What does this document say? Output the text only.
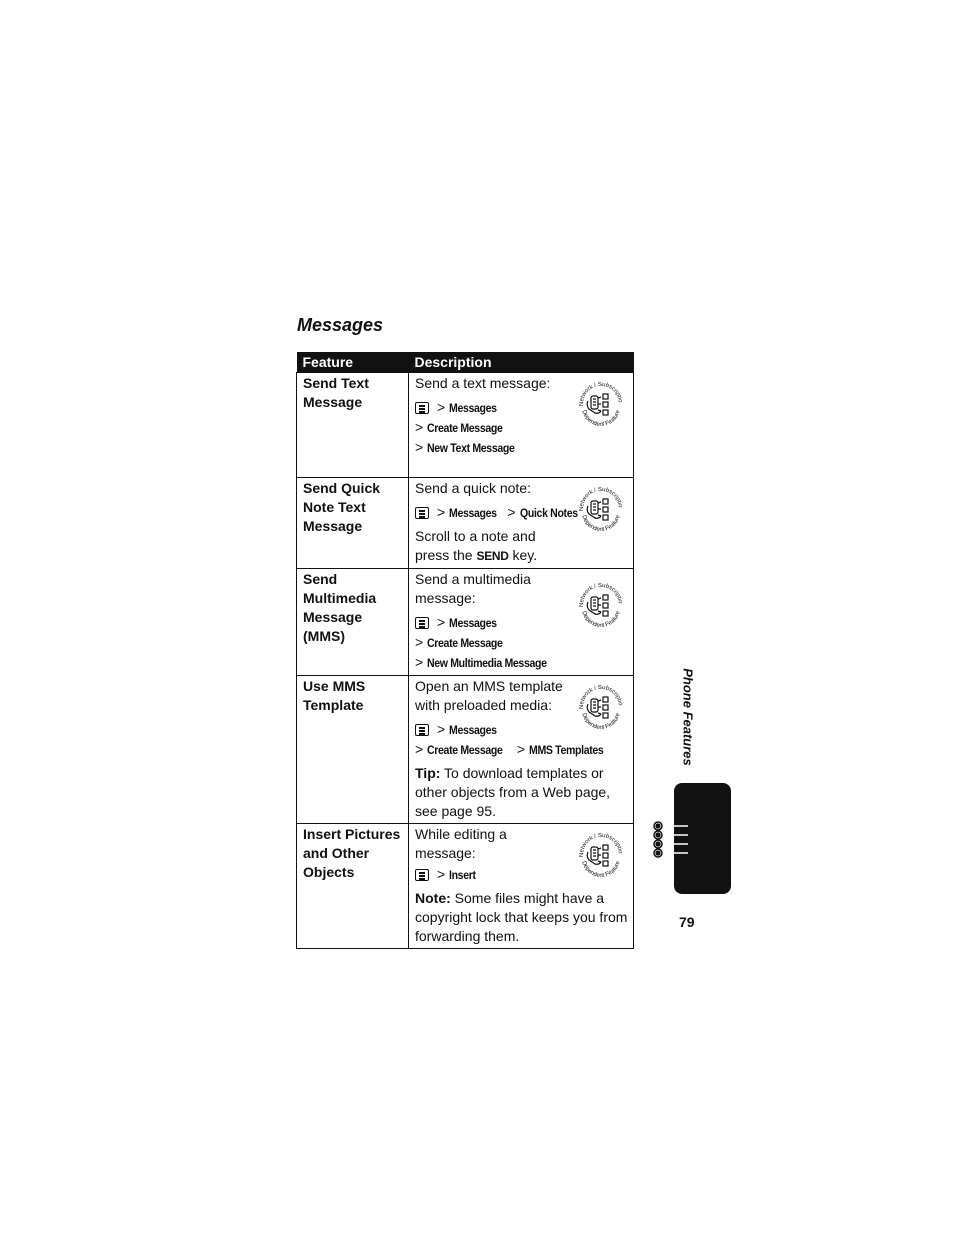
Messages
Feature	Description
Send Text Message	Send a text message:
> Messages
> Create Message
> New Text Message

Send Quick Note Text Message	Send a quick note:
> Messages > Quick Notes
Scroll to a note and press the SEND key.

Send Multimedia Message (MMS)	Send a multimedia message:
> Messages
> Create Message
> New Multimedia Message

Use MMS Template	Open an MMS template with preloaded media:
> Messages
> Create Message > MMS Templates
Tip: To download templates or other objects from a Web page, see page 95.

Insert Pictures and Other Objects	While editing a message:
> Insert
Note: Some files might have a copyright lock that keeps you from forwarding them.
Phone Features
79
